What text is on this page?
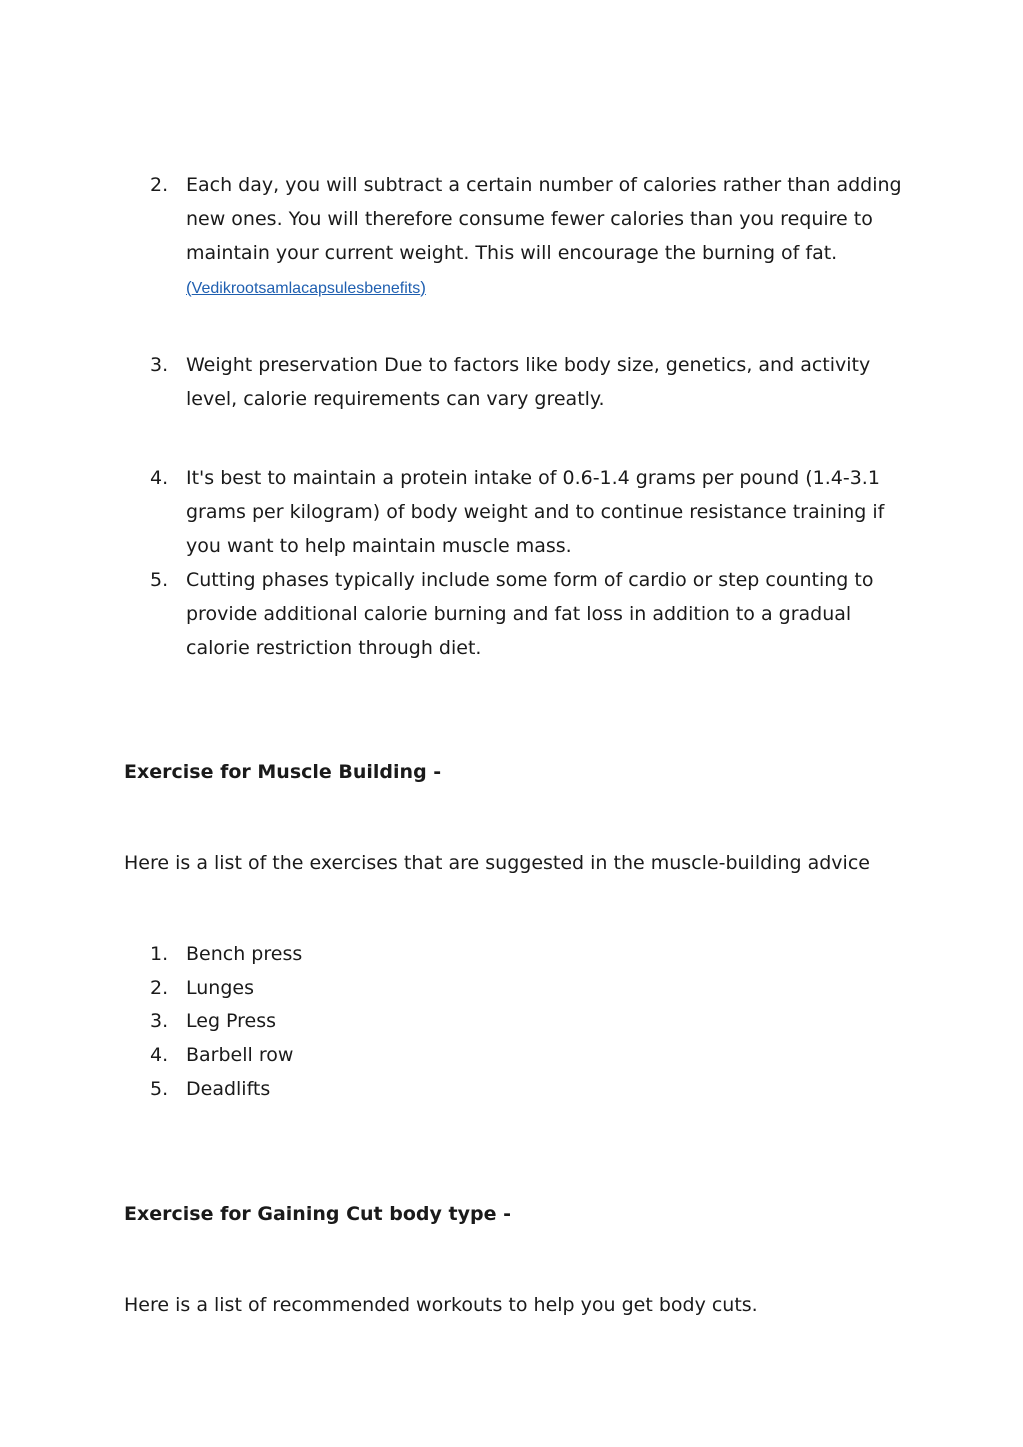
2. Each day, you will subtract a certain number of calories rather than adding new ones. You will therefore consume fewer calories than you require to maintain your current weight. This will encourage the burning of fat. (Vedikrootsamlacapsulesbenefits)
3. Weight preservation Due to factors like body size, genetics, and activity level, calorie requirements can vary greatly.
4. It's best to maintain a protein intake of 0.6-1.4 grams per pound (1.4-3.1 grams per kilogram) of body weight and to continue resistance training if you want to help maintain muscle mass.
5. Cutting phases typically include some form of cardio or step counting to provide additional calorie burning and fat loss in addition to a gradual calorie restriction through diet.
Exercise for Muscle Building -
Here is a list of the exercises that are suggested in the muscle-building advice
1. Bench press
2. Lunges
3. Leg Press
4. Barbell row
5. Deadlifts
Exercise for Gaining Cut body type -
Here is a list of recommended workouts to help you get body cuts.
